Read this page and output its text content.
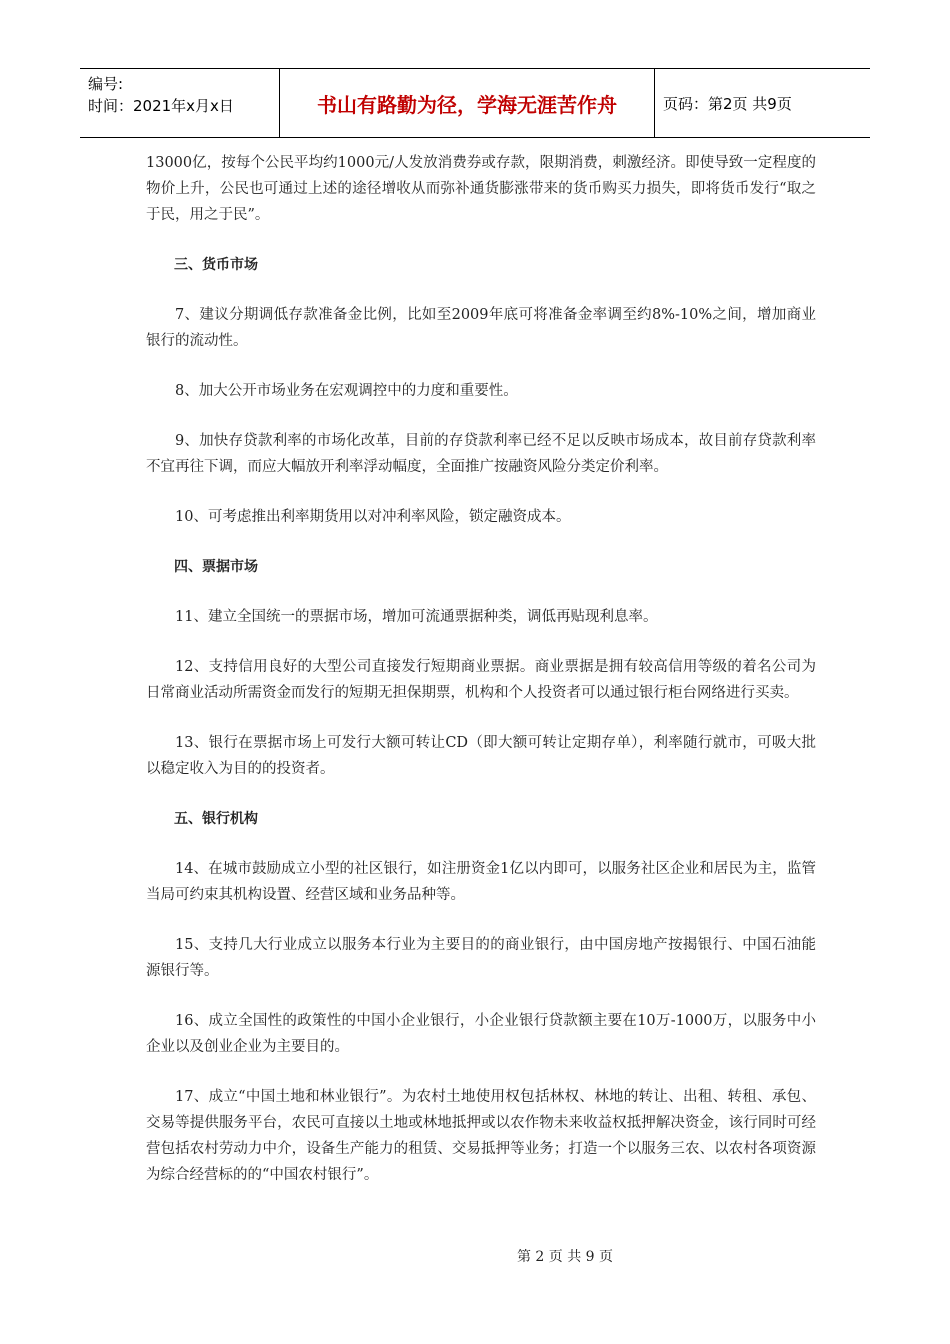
编号:
时间：2021年x月x日	书山有路勤为径，学海无涯苦作舟	页码：第2页 共9页

13000亿，按每个公民平均约1000元/人发放消费券或存款，限期消费，刺激经济。即使导致一定程度的物价上升，公民也可通过上述的途径增收从而弥补通货膨涨带来的货币购买力损失，即将货币发行“取之于民，用之于民”。

三、货币市场

7、建议分期调低存款准备金比例，比如至2009年底可将准备金率调至约8%-10%之间，增加商业银行的流动性。

8、加大公开市场业务在宏观调控中的力度和重要性。

9、加快存贷款利率的市场化改革，目前的存贷款利率已经不足以反映市场成本，故目前存贷款利率不宜再往下调，而应大幅放开利率浮动幅度，全面推广按融资风险分类定价利率。

10、可考虑推出利率期货用以对冲利率风险，锁定融资成本。

四、票据市场

11、建立全国统一的票据市场，增加可流通票据种类，调低再贴现利息率。

12、支持信用良好的大型公司直接发行短期商业票据。商业票据是拥有较高信用等级的着名公司为日常商业活动所需资金而发行的短期无担保期票，机构和个人投资者可以通过银行柜台网络进行买卖。

13、银行在票据市场上可发行大额可转让CD（即大额可转让定期存单），利率随行就市，可吸大批以稳定收入为目的的投资者。

五、银行机构

14、在城市鼓励成立小型的社区银行，如注册资金1亿以内即可，以服务社区企业和居民为主，监管当局可约束其机构设置、经营区域和业务品种等。

15、支持几大行业成立以服务本行业为主要目的的商业银行，由中国房地产按揭银行、中国石油能源银行等。

16、成立全国性的政策性的中国小企业银行，小企业银行贷款额主要在10万-1000万，以服务中小企业以及创业企业为主要目的。

17、成立“中国土地和林业银行”。为农村土地使用权包括林权、林地的转让、出租、转租、承包、交易等提供服务平台，农民可直接以土地或林地抵押或以农作物未来收益权抵押解决资金，该行同时可经营包括农村劳动力中介，设备生产能力的租赁、交易抵押等业务；打造一个以服务三农、以农村各项资源为综合经营标的的“中国农村银行”。

第 2 页 共 9 页
